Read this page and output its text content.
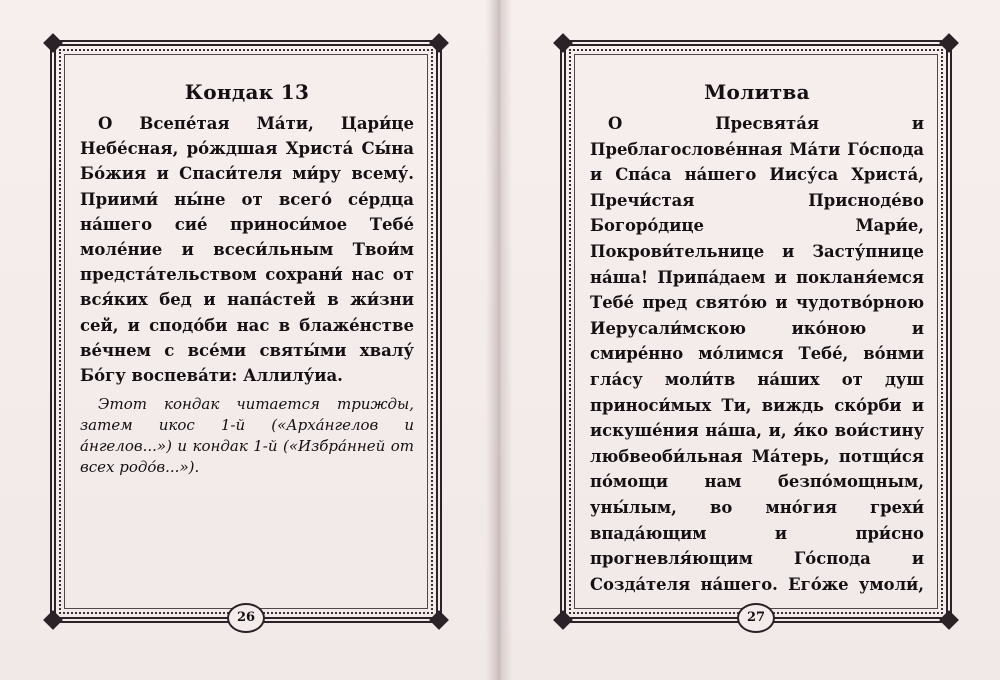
Кондак 13

О Всепе́тая Ма́ти, Цари́це Небе́сная, ро́ждшая Христа́ Сы́на Бо́жия и Спаси́теля ми́ру всему́. Приими́ ны́не от всего́ се́рдца на́шего сие́ приноси́мое Тебе́ моле́ние и всеси́льным Твои́м предста́тельством сохрани́ нас от вся́ких бед и напа́стей в жи́зни сей, и сподо́би нас в блаже́нстве ве́чнем с все́ми святы́ми хвалу́ Бо́гу воспева́ти: Аллилу́иа.

Этот кондак читается трижды, затем икос 1-й («Арха́нгелов и а́нгелов...») и кондак 1-й («Избра́нней от всех родо́в...»).

26
Молитва

О Пресвята́я и Преблагослове́нная Ма́ти Го́спода и Спа́са на́шего Иису́са Христа́, Пречи́стая Приснодéво Богоро́дице Мари́е, Покрови́тельнице и Засту́пнице на́ша! Припа́даем и покланя́емся Тебе́ пред свято́ю и чудотво́рною Иерусали́мскою ико́ною и смире́нно мо́лимся Тебе́, во́нми гла́су моли́тв на́ших от душ приноси́мых Ти, виждь ско́рби и искуше́ния на́ша, и, я́ко вои́стину любвеоби́льная Ма́терь, потщи́ся по́мощи нам безпо́мощным, уны́лым, во мно́гия грехи́ впада́ющим и при́сно прогневля́ющим Го́спода и Созда́теля на́шего. Его́же умоли́,

27
